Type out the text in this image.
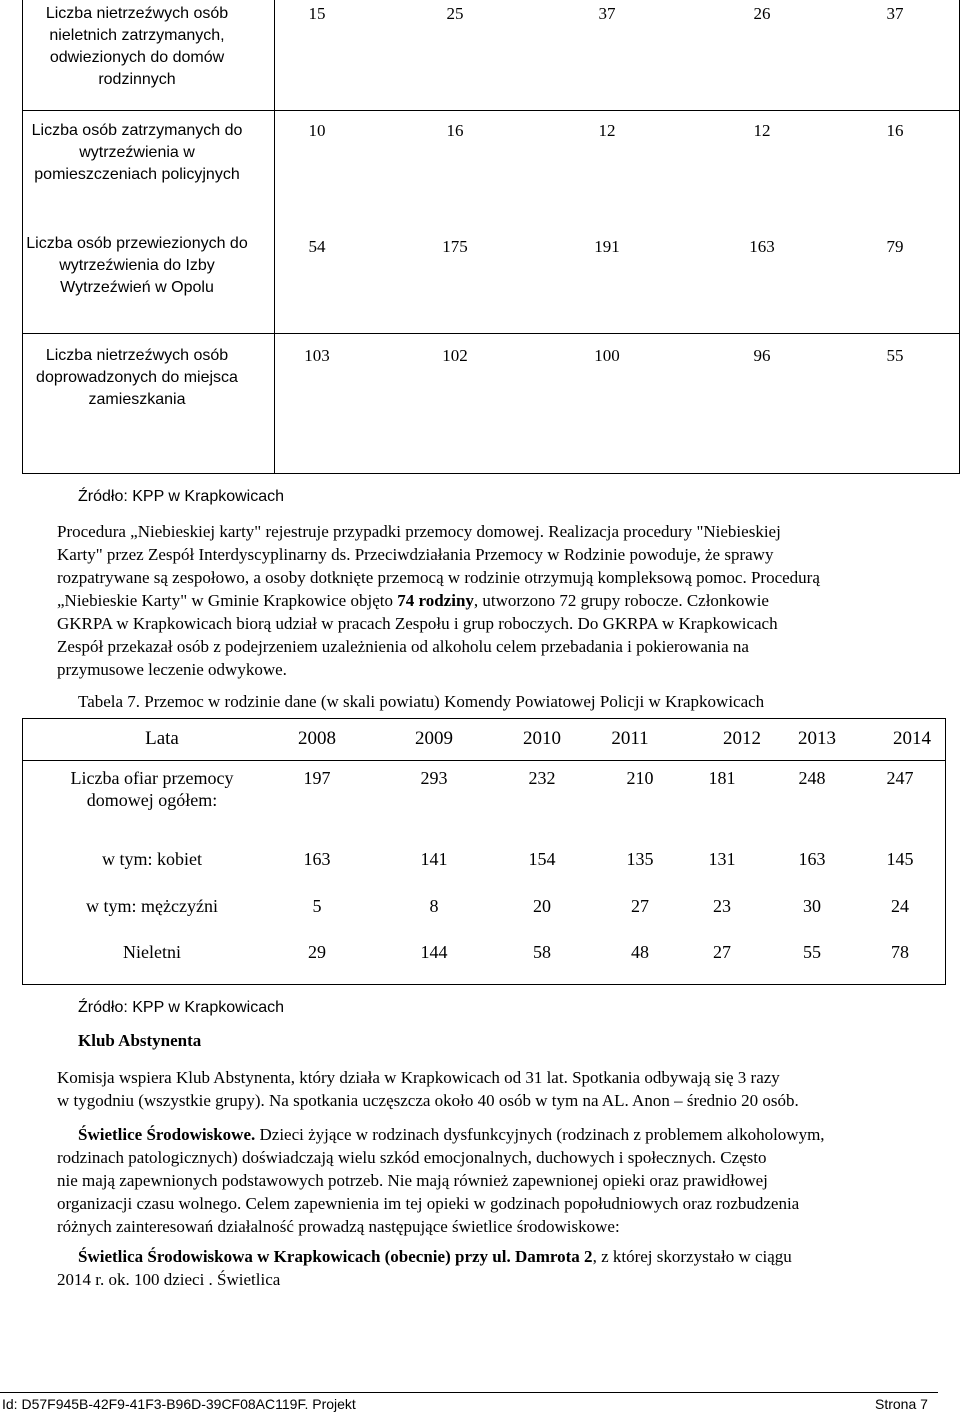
Liczba nietrzeźwych osób nieletnich zatrzymanych, odwiezionych do domów rodzinnych
15	25	37	26	37
Liczba osób zatrzymanych do wytrzeźwienia w pomieszczeniach policyjnych
10	16	12	12	16
Liczba osób przewiezionych do wytrzeźwienia do Izby Wytrzeźwień w Opolu
54	175	191	163	79
Liczba nietrzeźwych osób doprowadzonych do miejsca zamieszkania
103	102	100	96	55
Źródło: KPP w Krapkowicach
Procedura „Niebieskiej karty" rejestruje przypadki przemocy domowej. Realizacja procedury "Niebieskiej
Karty" przez Zespół Interdyscyplinarny ds. Przeciwdziałania Przemocy w Rodzinie powoduje, że sprawy
rozpatrywane są zespołowo, a osoby dotknięte przemocą w rodzinie otrzymują kompleksową pomoc. Procedurą
„Niebieskie Karty" w Gminie Krapkowice objęto 74 rodziny, utworzono 72 grupy robocze. Członkowie
GKRPA w Krapkowicach biorą udział w pracach Zespołu i grup roboczych. Do GKRPA w Krapkowicach
Zespół przekazał osób z podejrzeniem uzależnienia od alkoholu celem przebadania i pokierowania na
przymusowe leczenie odwykowe.
Tabela 7. Przemoc w rodzinie dane (w skali powiatu) Komendy Powiatowej Policji w Krapkowicach
Lata	2008	2009	2010	2011	2012	2013	2014
Liczba ofiar przemocy
domowej ogółem:
197	293	232	210	181	248	247
w tym: kobiet	163	141	154	135	131	163	145
w tym: mężczyźni	5	8	20	27	23	30	24
Nieletni	29	144	58	48	27	55	78
Źródło: KPP w Krapkowicach
Klub Abstynenta
Komisja wspiera Klub Abstynenta, który działa w Krapkowicach od 31 lat. Spotkania odbywają się 3 razy
w tygodniu (wszystkie grupy). Na spotkania uczęszcza około 40 osób w tym na AL. Anon – średnio 20 osób.
Świetlice Środowiskowe. Dzieci żyjące w rodzinach dysfunkcyjnych (rodzinach z problemem alkoholowym,
rodzinach patologicznych) doświadczają wielu szkód emocjonalnych, duchowych i społecznych. Często
nie mają zapewnionych podstawowych potrzeb. Nie mają również zapewnionej opieki oraz prawidłowej
organizacji czasu wolnego. Celem zapewnienia im tej opieki w godzinach popołudniowych oraz rozbudzenia
różnych zainteresowań działalność prowadzą następujące świetlice środowiskowe:
Świetlica Środowiskowa w Krapkowicach (obecnie) przy ul. Damrota 2, z której skorzystało w ciągu
2014 r. ok. 100 dzieci . Świetlica
Id: D57F945B-42F9-41F3-B96D-39CF08AC119F. Projekt	Strona 7
